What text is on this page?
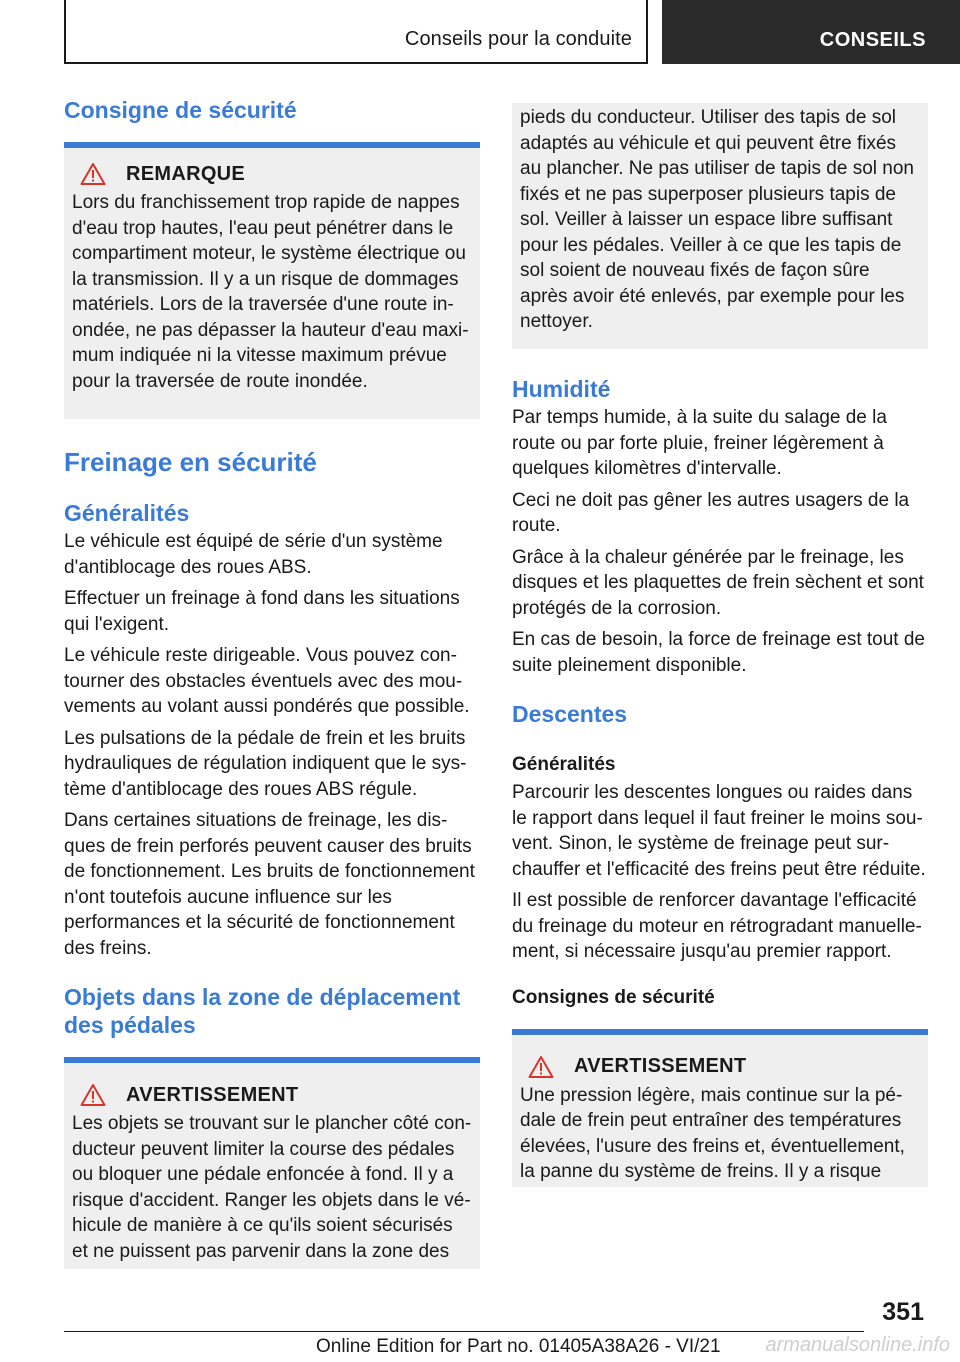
Conseils pour la conduite	CONSEILS
Consigne de sécurité
REMARQUE

Lors du franchissement trop rapide de nappes d'eau trop hautes, l'eau peut pénétrer dans le compartiment moteur, le système électrique ou la transmission. Il y a un risque de dommages matériels. Lors de la traversée d'une route inondée, ne pas dépasser la hauteur d'eau maximum indiquée ni la vitesse maximum prévue pour la traversée de route inondée.

Freinage en sécurité
Généralités

Le véhicule est équipé de série d'un système d'antiblocage des roues ABS.

Effectuer un freinage à fond dans les situations qui l'exigent.

Le véhicule reste dirigeable. Vous pouvez contourner des obstacles éventuels avec des mouvements au volant aussi pondérés que possible.

Les pulsations de la pédale de frein et les bruits hydrauliques de régulation indiquent que le système d'antiblocage des roues ABS régule.

Dans certaines situations de freinage, les disques de frein perforés peuvent causer des bruits de fonctionnement. Les bruits de fonctionnement n'ont toutefois aucune influence sur les performances et la sécurité de fonctionnement des freins.

Objets dans la zone de déplacement des pédales
AVERTISSEMENT

Les objets se trouvant sur le plancher côté conducteur peuvent limiter la course des pédales ou bloquer une pédale enfoncée à fond. Il y a risque d'accident. Ranger les objets dans le véhicule de manière à ce qu'ils soient sécurisés et ne puissent pas parvenir dans la zone des

pieds du conducteur. Utiliser des tapis de sol adaptés au véhicule et qui peuvent être fixés au plancher. Ne pas utiliser de tapis de sol non fixés et ne pas superposer plusieurs tapis de sol. Veiller à laisser un espace libre suffisant pour les pédales. Veiller à ce que les tapis de sol soient de nouveau fixés de façon sûre après avoir été enlevés, par exemple pour les nettoyer.

Humidité

Par temps humide, à la suite du salage de la route ou par forte pluie, freiner légèrement à quelques kilomètres d'intervalle.

Ceci ne doit pas gêner les autres usagers de la route.

Grâce à la chaleur générée par le freinage, les disques et les plaquettes de frein sèchent et sont protégés de la corrosion.

En cas de besoin, la force de freinage est tout de suite pleinement disponible.

Descentes
Généralités

Parcourir les descentes longues ou raides dans le rapport dans lequel il faut freiner le moins souvent. Sinon, le système de freinage peut surchauffer et l'efficacité des freins peut être réduite.

Il est possible de renforcer davantage l'efficacité du freinage du moteur en rétrogradant manuellement, si nécessaire jusqu'au premier rapport.

Consignes de sécurité
AVERTISSEMENT

Une pression légère, mais continue sur la pédale de frein peut entraîner des températures élevées, l'usure des freins et, éventuellement, la panne du système de freins. Il y a risque

351
Online Edition for Part no. 01405A38A26 - VI/21 armanualsonline.info
